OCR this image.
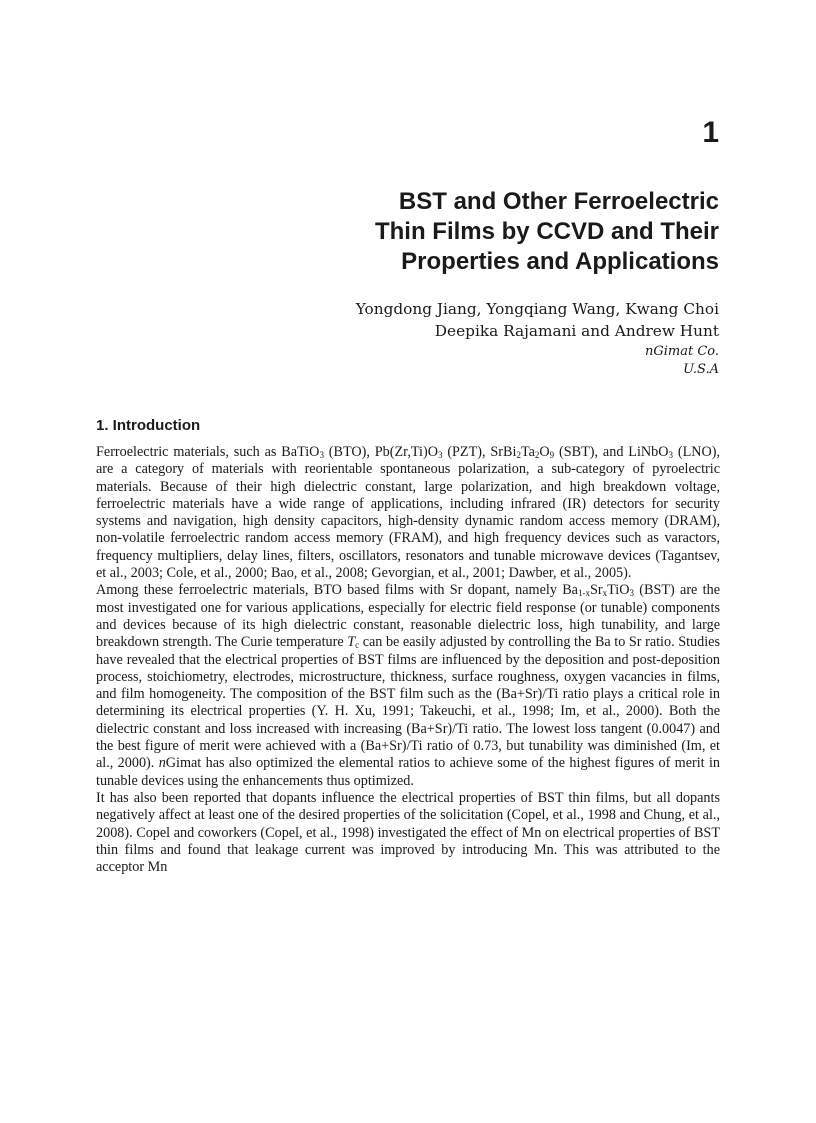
1
BST and Other Ferroelectric
Thin Films by CCVD and Their
Properties and Applications
Yongdong Jiang, Yongqiang Wang, Kwang Choi
Deepika Rajamani and Andrew Hunt
nGimat Co.
U.S.A
1. Introduction

Ferroelectric materials, such as BaTiO$_3$ (BTO), $Pb(Zr,Ti)O_3$ (PZT), $SrBi_2Ta_2O_9$ (SBT), and LiNbO$_3$ (LNO), are a category of materials with reorientable spontaneous polarization, a sub-category of pyroelectric materials. Because of their high dielectric constant, large polarization, and high breakdown voltage, ferroelectric materials have a wide range of applications, including infrared (IR) detectors for security systems and navigation, high density capacitors, high-density dynamic random access memory (DRAM), non-volatile ferroelectric random access memory (FRAM), and high frequency devices such as varactors, frequency multipliers, delay lines, filters, oscillators, resonators and tunable microwave devices (Tagantsev, et al., 2003; Cole, et al., 2000; Bao, et al., 2008; Gevorgian, et al., 2001; Dawber, et al., 2005).

Among these ferroelectric materials, BTO based films with Sr dopant, namely $Ba_{1-x}Sr_xTiO_3$ (BST) are the most investigated one for various applications, especially for electric field response (or tunable) components and devices because of its high dielectric constant, reasonable dielectric loss, high tunability, and large breakdown strength. The Curie temperature $T_c$ can be easily adjusted by controlling the Ba to Sr ratio. Studies have revealed that the electrical properties of BST films are influenced by the deposition and post-deposition process, stoichiometry, electrodes, microstructure, thickness, surface roughness, oxygen vacancies in films, and film homogeneity. The composition of the BST film such as the (Ba+Sr)/Ti ratio plays a critical role in determining its electrical properties (Y. H. Xu, 1991; Takeuchi, et al., 1998; Im, et al., 2000). Both the dielectric constant and loss increased with increasing (Ba+Sr)/Ti ratio. The lowest loss tangent (0.0047) and the best figure of merit were achieved with a (Ba+Sr)/Ti ratio of 0.73, but tunability was diminished (Im, et al., 2000). nGimat has also optimized the elemental ratios to achieve some of the highest figures of merit in tunable devices using the enhancements thus optimized.

It has also been reported that dopants influence the electrical properties of BST thin films, but all dopants negatively affect at least one of the desired properties of the solicitation (Copel, et al., 1998 and Chung, et al., 2008). Copel and coworkers (Copel, et al., 1998) investigated the effect of Mn on electrical properties of BST thin films and found that leakage current was improved by introducing Mn. This was attributed to the acceptor Mn
